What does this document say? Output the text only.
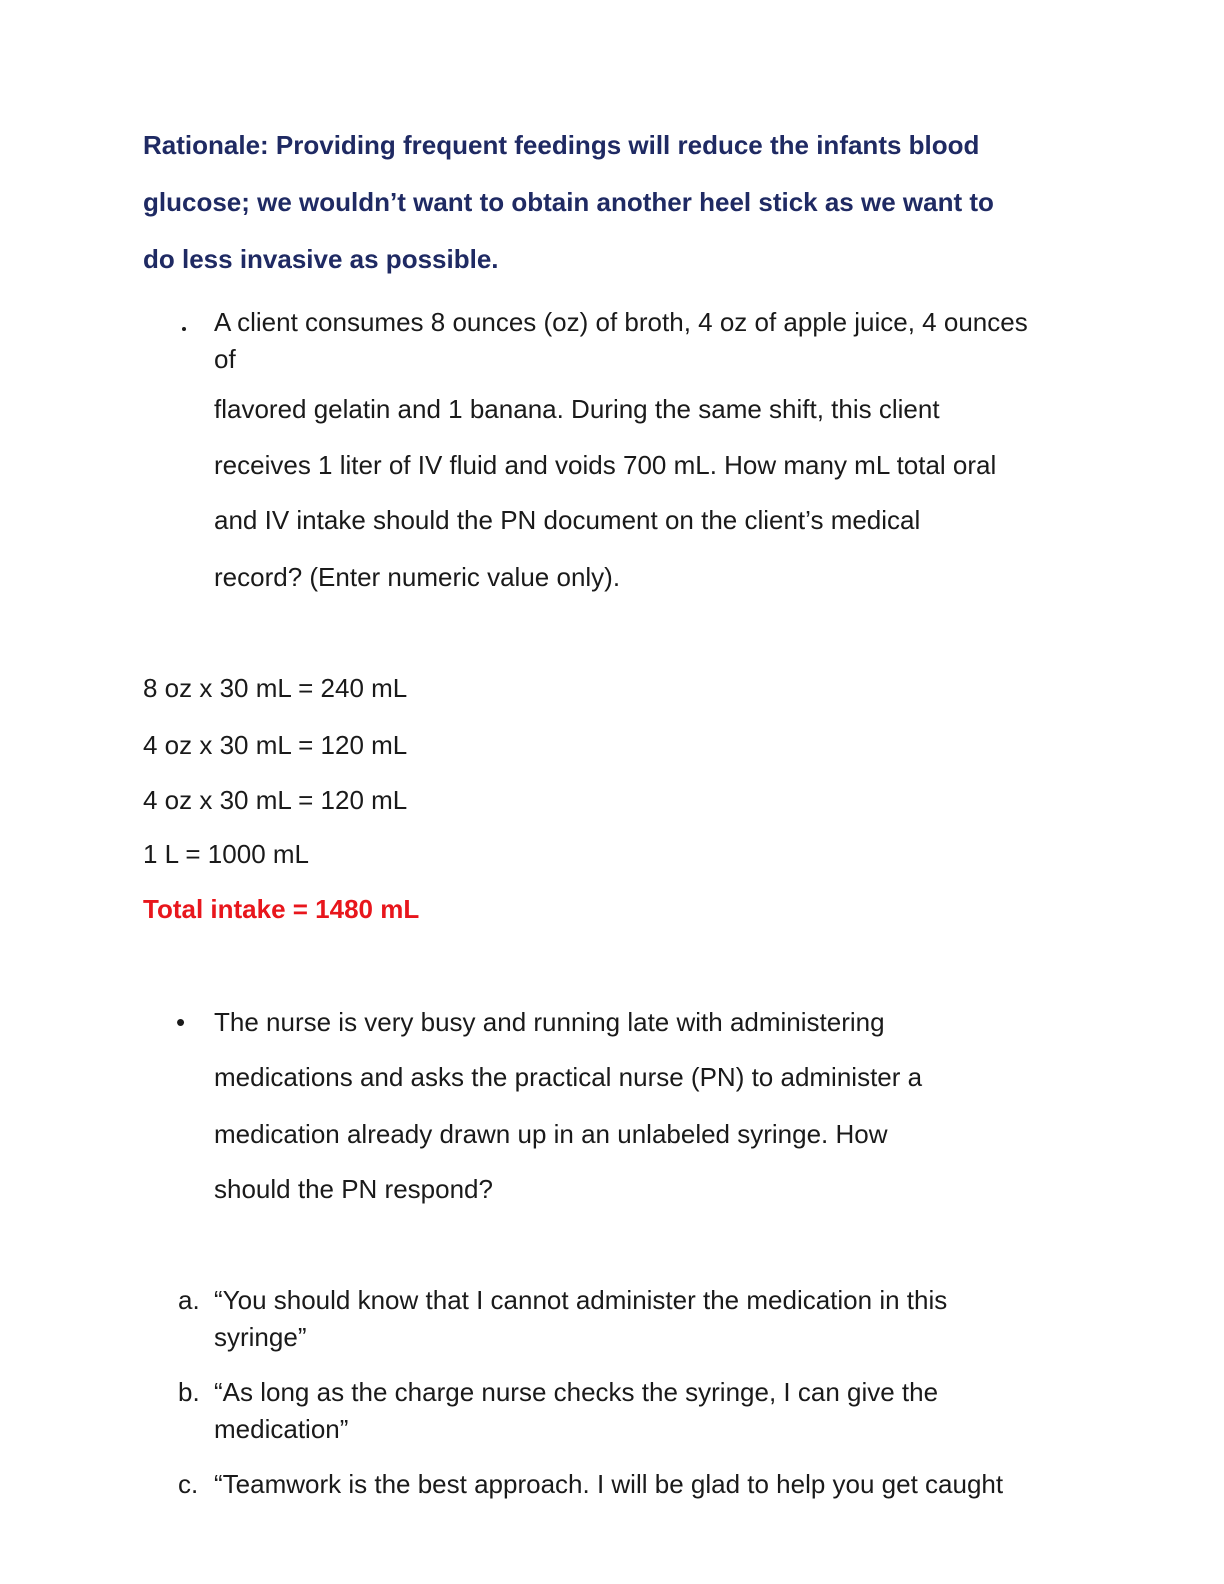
Rationale: Providing frequent feedings will reduce the infants blood
glucose; we wouldn’t want to obtain another heel stick as we want to
do less invasive as possible.
A client consumes 8 ounces (oz) of broth, 4 oz of apple juice, 4 ounces
of
flavored gelatin and 1 banana. During the same shift, this client
receives 1 liter of IV fluid and voids 700 mL. How many mL total oral
and IV intake should the PN document on the client’s medical
record? (Enter numeric value only).
8 oz x 30 mL = 240 mL
4 oz x 30 mL = 120 mL
4 oz x 30 mL = 120 mL
1 L = 1000 mL
Total intake = 1480 mL
• The nurse is very busy and running late with administering
medications and asks the practical nurse (PN) to administer a
medication already drawn up in an unlabeled syringe. How
should the PN respond?
a. “You should know that I cannot administer the medication in this
syringe”
b. “As long as the charge nurse checks the syringe, I can give the
medication”
c. “Teamwork is the best approach. I will be glad to help you get caught
